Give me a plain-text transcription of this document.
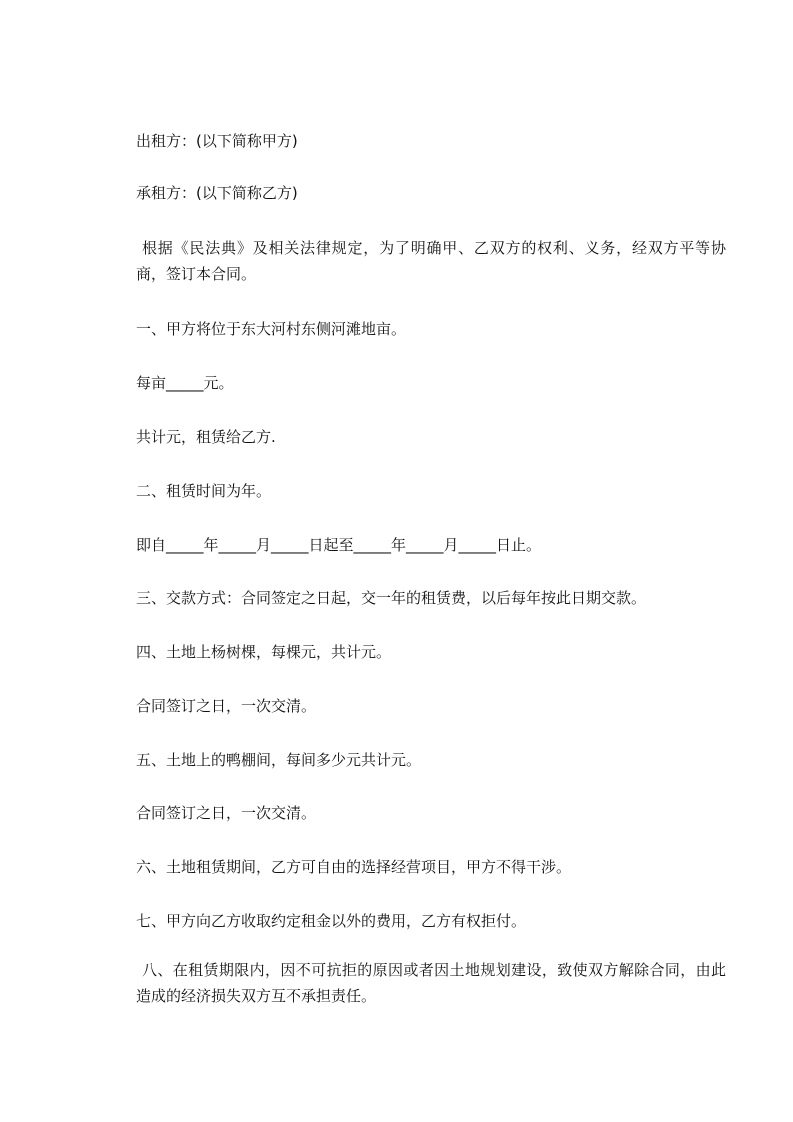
出租方：(以下简称甲方)

承租方：(以下简称乙方)

根据《民法典》及相关法律规定，为了明确甲、乙双方的权利、义务，经双方平等协商，签订本合同。

一、甲方将位于东大河村东侧河滩地亩。

每亩_____元。

共计元，租赁给乙方.

二、租赁时间为年。

即自_____年_____月_____日起至_____年_____月_____日止。

三、交款方式：合同签定之日起，交一年的租赁费，以后每年按此日期交款。

四、土地上杨树棵，每棵元，共计元。

合同签订之日，一次交清。

五、土地上的鸭棚间，每间多少元共计元。

合同签订之日，一次交清。

六、土地租赁期间，乙方可自由的选择经营项目，甲方不得干涉。

七、甲方向乙方收取约定租金以外的费用，乙方有权拒付。

八、在租赁期限内，因不可抗拒的原因或者因土地规划建设，致使双方解除合同，由此造成的经济损失双方互不承担责任。
